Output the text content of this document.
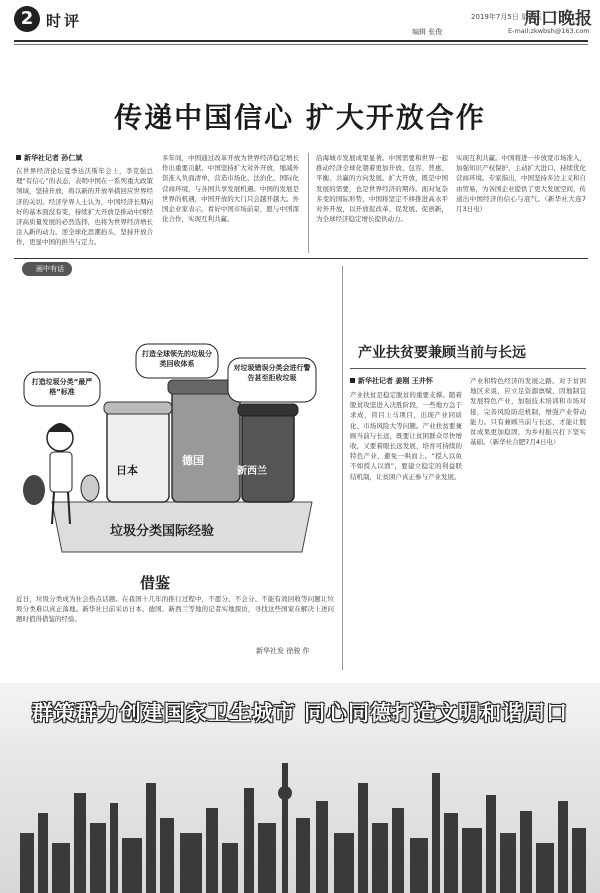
2 时评	2019年7月5日 星期五
周口晚报
编辑 张俊	E-mail:zkwbsh@163.com
传递中国信心 扩大开放合作
新华社记者 孙仁斌
在世界经济论坛夏季达沃斯年会上，李克强总理“有信心”的表态，表明中国在一系列重大政策领域，坚持开放，将以新的开放举措回应世界经济的关切。经济学界人士认为，中国经济长期向好的基本面没有变，持续扩大开放是推动中国经济高质量发展的必然选择，也将为世界经济增长注入新的动力。逆全球化思潮抬头，坚持开放合作，更显中国的担当与定力。
多年间，中国通过改革开放为世界经济稳定增长作出重要贡献。中国坚持扩大对外开放，缩减外资准入负面清单，营造市场化、法治化、国际化营商环境，与各国共享发展机遇。中国的发展是世界的机遇，中国开放的大门只会越开越大。外国企业家表示，看好中国市场前景，愿与中国深化合作，实现互利共赢。
沿海城市发展成果显著。中国需要和世界一起推动经济全球化朝着更加开放、包容、普惠、平衡、共赢的方向发展。扩大开放，既是中国发展的需要，也是世界经济的期待。面对复杂多变的国际形势，中国将坚定不移推进高水平对外开放，以开放促改革、促发展、促创新，为全球经济稳定增长提供动力。
实现互利共赢。中国将进一步放宽市场准入，加强知识产权保护，主动扩大进口，持续优化营商环境。专家指出，中国坚持多边主义和自由贸易，为各国企业提供了更大发展空间，传递出中国经济的信心与底气。（新华社大连7月3日电）
画中有话
打造垃圾分类“最严格”标准
打造全球领先的垃圾分类回收体系	对垃圾错误分类会进行警告甚至拒收垃圾
日本
德国
新西兰
垃圾分类国际经验
借鉴
近日，垃圾分类成为社会热点话题。在我国十几年的推行过程中，不愿分、不会分、不能有效回收等问题让垃圾分类难以真正落地。新华社日前采访日本、德国、新西兰等地的记者实地探访，寻找这些国家在解决上述问题时值得借鉴的经验。
新华社发 徐骏 作
产业扶贫要兼顾当前与长远
新华社记者 姜刚 王井怀
产业扶贫是稳定脱贫的重要支撑。随着脱贫攻坚进入决胜阶段，一些地方急于求成，盲目上马项目，出现产业同质化、市场风险大等问题。产业扶贫要兼顾当前与长远，既要让贫困群众尽快增收，又要着眼长远发展，培育可持续的特色产业，避免一哄而上。“授人以鱼不如授人以渔”，要建立稳定的利益联结机制，让贫困户真正参与产业发展。
产业和特色经济的发展之路。对于贫困地区来说，应立足资源禀赋，因地制宜发展特色产业，加强技术培训和市场对接，完善风险防范机制，增强产业带动能力。只有兼顾当前与长远，才能让脱贫成果更加稳固，为乡村振兴打下坚实基础。（新华社合肥7月4日电）
群策群力创建国家卫生城市 同心同德打造文明和谐周口
